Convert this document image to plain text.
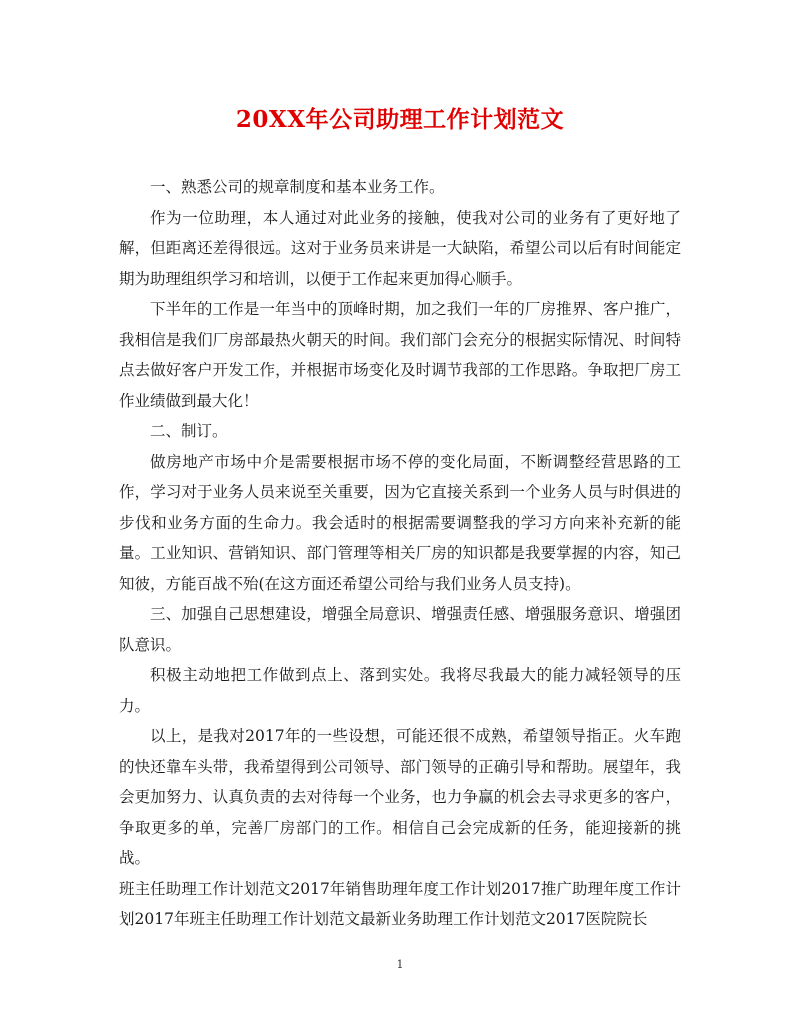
20XX年公司助理工作计划范文

一、熟悉公司的规章制度和基本业务工作。

作为一位助理，本人通过对此业务的接触，使我对公司的业务有了更好地了解，但距离还差得很远。这对于业务员来讲是一大缺陷，希望公司以后有时间能定期为助理组织学习和培训，以便于工作起来更加得心顺手。

下半年的工作是一年当中的顶峰时期，加之我们一年的厂房推界、客户推广，我相信是我们厂房部最热火朝天的时间。我们部门会充分的根据实际情况、时间特点去做好客户开发工作，并根据市场变化及时调节我部的工作思路。争取把厂房工作业绩做到最大化！

二、制订。

做房地产市场中介是需要根据市场不停的变化局面，不断调整经营思路的工作，学习对于业务人员来说至关重要，因为它直接关系到一个业务人员与时俱进的步伐和业务方面的生命力。我会适时的根据需要调整我的学习方向来补充新的能量。工业知识、营销知识、部门管理等相关厂房的知识都是我要掌握的内容，知己知彼，方能百战不殆(在这方面还希望公司给与我们业务人员支持)。

三、加强自己思想建设，增强全局意识、增强责任感、增强服务意识、增强团队意识。

积极主动地把工作做到点上、落到实处。我将尽我最大的能力减轻领导的压力。

以上，是我对2017年的一些设想，可能还很不成熟，希望领导指正。火车跑的快还靠车头带，我希望得到公司领导、部门领导的正确引导和帮助。展望年，我会更加努力、认真负责的去对待每一个业务，也力争赢的机会去寻求更多的客户，争取更多的单，完善厂房部门的工作。相信自己会完成新的任务，能迎接新的挑战。

班主任助理工作计划范文2017年销售助理年度工作计划2017推广助理年度工作计划2017年班主任助理工作计划范文最新业务助理工作计划范文2017医院院长

1
